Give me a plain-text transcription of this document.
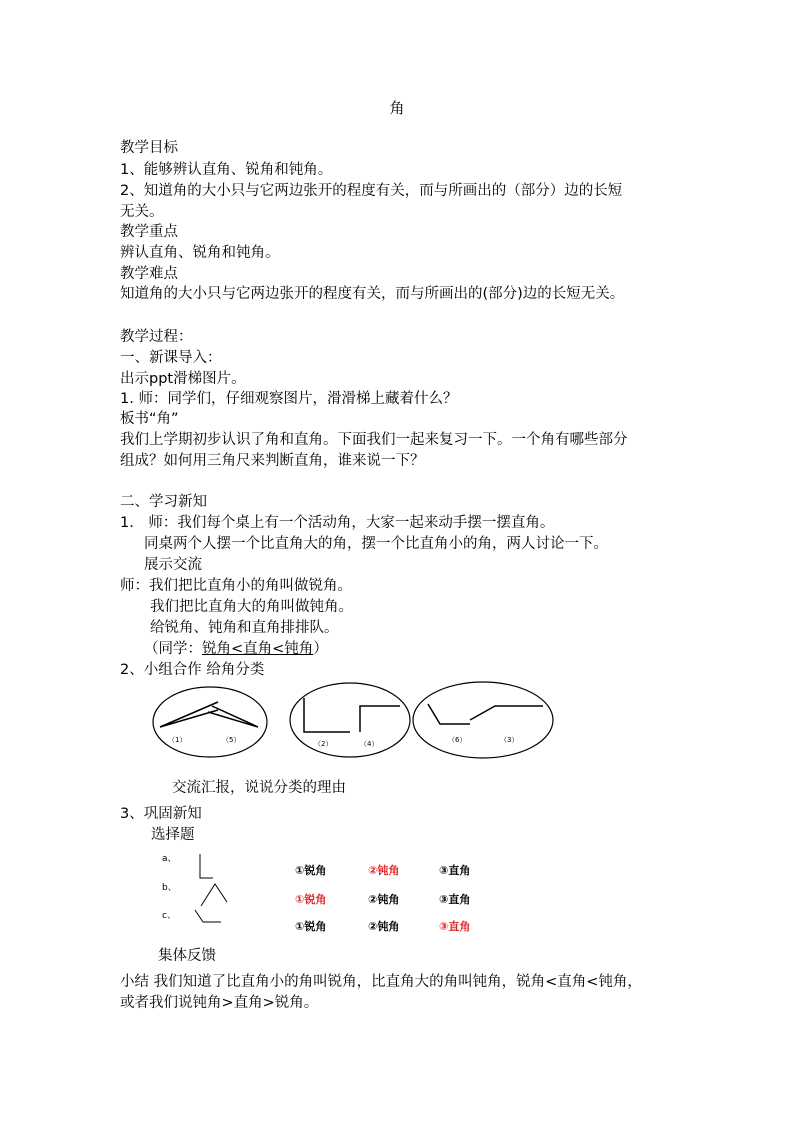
角
教学目标
1、能够辨认直角、锐角和钝角。
2、知道角的大小只与它两边张开的程度有关，而与所画出的（部分）边的长短
无关。
教学重点
辨认直角、锐角和钝角。
教学难点
知道角的大小只与它两边张开的程度有关，而与所画出的(部分)边的长短无关。
教学过程：
一、新课导入：
出示ppt滑梯图片。
1. 师：同学们，仔细观察图片，滑滑梯上藏着什么？
板书“角”
我们上学期初步认识了角和直角。下面我们一起来复习一下。一个角有哪些部分
组成？如何用三角尺来判断直角，谁来说一下？
二、学习新知
1． 师：我们每个桌上有一个活动角，大家一起来动手摆一摆直角。
同桌两个人摆一个比直角大的角，摆一个比直角小的角，两人讨论一下。
展示交流
师：我们把比直角小的角叫做锐角。
我们把比直角大的角叫做钝角。
给锐角、钝角和直角排排队。
（同学：锐角<直角<钝角）
2、小组合作 给角分类
（1）	（5）	（2）	（4）	（6）	（3）
交流汇报，说说分类的理由
3、巩固新知
选择题
a、
①锐角	②钝角	③直角
b、
①锐角	②钝角	③直角
c、
①锐角	②钝角	③直角
集体反馈
小结 我们知道了比直角小的角叫锐角，比直角大的角叫钝角，锐角<直角<钝角，
或者我们说钝角>直角>锐角。
